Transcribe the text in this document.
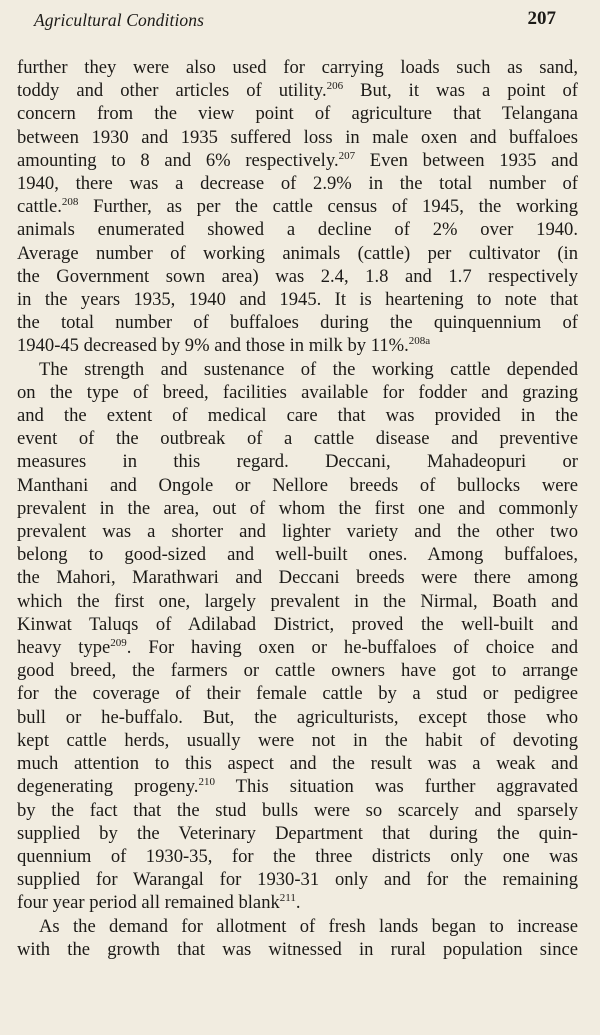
Agricultural Conditions	207
further they were also used for carrying loads such as sand,
toddy and other articles of utility.$^{206}$ But, it was a point of
concern from the view point of agriculture that Telangana
between 1930 and 1935 suffered loss in male oxen and buffaloes
amounting to 8 and 6% respectively.$^{207}$ Even between 1935 and
1940, there was a decrease of 2.9% in the total number of
cattle.$^{208}$ Further, as per the cattle census of 1945, the working
animals enumerated showed a decline of 2% over 1940.
Average number of working animals (cattle) per cultivator (in
the Government sown area) was 2.4, 1.8 and 1.7 respectively
in the years 1935, 1940 and 1945. It is heartening to note that
the total number of buffaloes during the quinquennium of
1940-45 decreased by 9% and those in milk by 11%.$^{208a}$
The strength and sustenance of the working cattle depended
on the type of breed, facilities available for fodder and grazing
and the extent of medical care that was provided in the
event of the outbreak of a cattle disease and preventive
measures in this regard. Deccani, Mahadeopuri or
Manthani and Ongole or Nellore breeds of bullocks were
prevalent in the area, out of whom the first one and commonly
prevalent was a shorter and lighter variety and the other two
belong to good-sized and well-built ones. Among buffaloes,
the Mahori, Marathwari and Deccani breeds were there among
which the first one, largely prevalent in the Nirmal, Boath and
Kinwat Taluqs of Adilabad District, proved the well-built and
heavy type$^{209}$. For having oxen or he-buffaloes of choice and
good breed, the farmers or cattle owners have got to arrange
for the coverage of their female cattle by a stud or pedigree
bull or he-buffalo. But, the agriculturists, except those who
kept cattle herds, usually were not in the habit of devoting
much attention to this aspect and the result was a weak and
degenerating progeny.$^{210}$ This situation was further aggravated
by the fact that the stud bulls were so scarcely and sparsely
supplied by the Veterinary Department that during the quin-
quennium of 1930-35, for the three districts only one was
supplied for Warangal for 1930-31 only and for the remaining
four year period all remained blank$^{211}$.
As the demand for allotment of fresh lands began to increase
with the growth that was witnessed in rural population since
